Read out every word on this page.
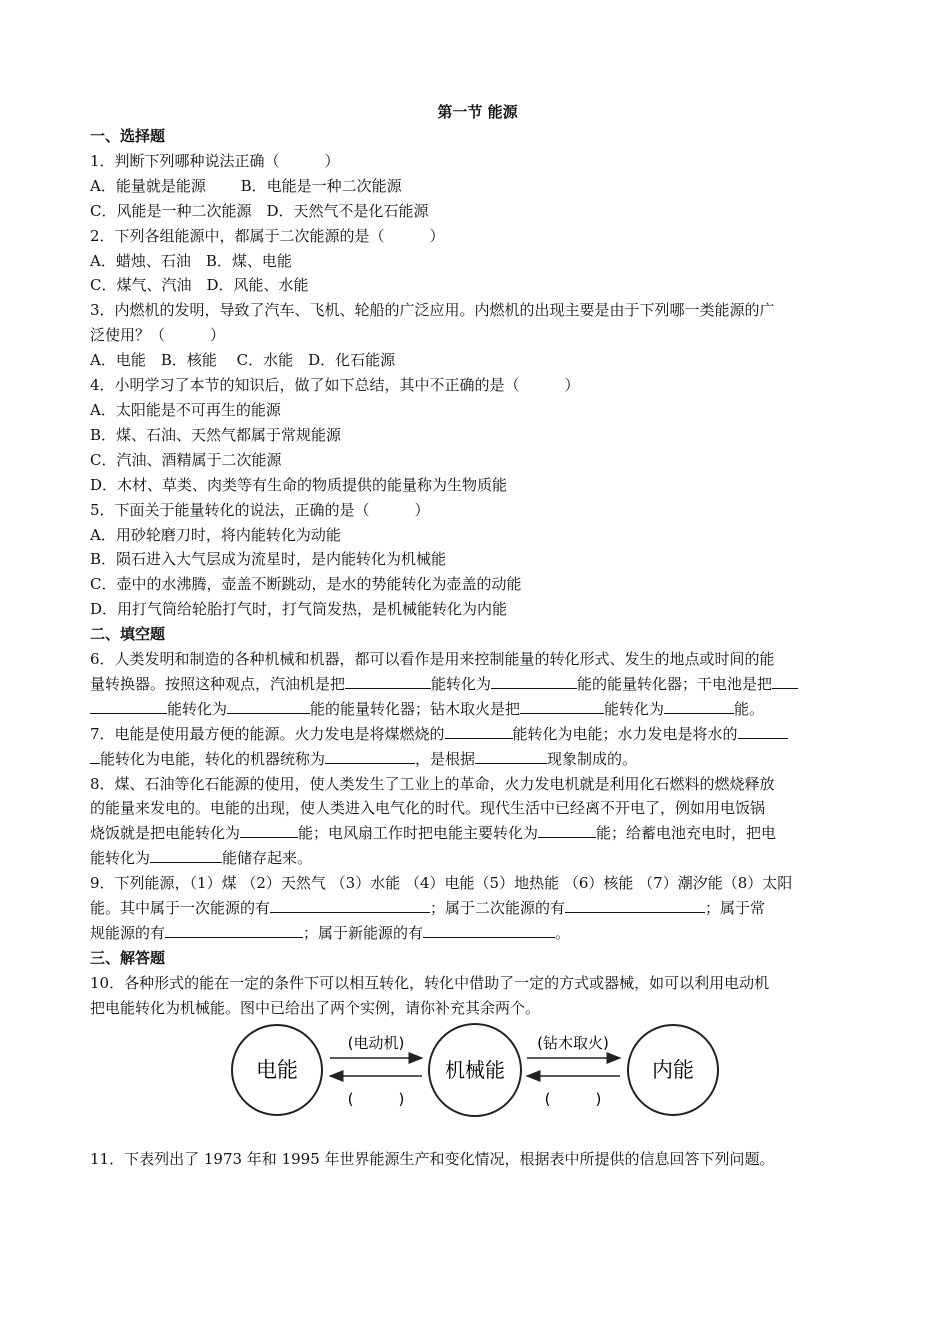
第一节 能源

一、选择题

1．判断下列哪种说法正确（　　　）

A．能量就是能源　　 B．电能是一种二次能源

C．风能是一种二次能源　D．天然气不是化石能源

2．下列各组能源中，都属于二次能源的是（　　　）

A．蜡烛、石油　B．煤、电能

C．煤气、汽油　D．风能、水能

3．内燃机的发明，导致了汽车、飞机、轮船的广泛应用。内燃机的出现主要是由于下列哪一类能源的广

泛使用？（　　　）

A．电能　B．核能　 C．水能　D．化石能源

4．小明学习了本节的知识后，做了如下总结，其中不正确的是（　　　）

A．太阳能是不可再生的能源

B．煤、石油、天然气都属于常规能源

C．汽油、酒精属于二次能源

D．木材、草类、肉类等有生命的物质提供的能量称为生物质能

5．下面关于能量转化的说法，正确的是（　　　）

A．用砂轮磨刀时，将内能转化为动能

B．陨石进入大气层成为流星时，是内能转化为机械能

C．壶中的水沸腾，壶盖不断跳动，是水的势能转化为壶盖的动能

D．用打气筒给轮胎打气时，打气筒发热，是机械能转化为内能

二、填空题

6．人类发明和制造的各种机械和机器，都可以看作是用来控制能量的转化形式、发生的地点或时间的能

量转换器。按照这种观点，汽油机是把	能转化为	能的能量转化器；干电池是把

能转化为	能的能量转化器；钻木取火是把	能转化为	能。

7．电能是使用最方便的能源。火力发电是将煤燃烧的	能转化为电能；水力发电是将水的

能转化为电能，转化的机器统称为	，是根据	现象制成的。

8．煤、石油等化石能源的使用，使人类发生了工业上的革命，火力发电机就是利用化石燃料的燃烧释放

的能量来发电的。电能的出现，使人类进入电气化的时代。现代生活中已经离不开电了，例如用电饭锅

烧饭就是把电能转化为	能；电风扇工作时把电能主要转化为	能；给蓄电池充电时，把电

能转化为	能储存起来。

9．下列能源，（1）煤 （2）天然气 （3）水能 （4）电能（5）地热能 （6）核能 （7）潮汐能（8）太阳

能。其中属于一次能源的有	；属于二次能源的有	；属于常

规能源的有	；属于新能源的有	。

三、解答题

10．各种形式的能在一定的条件下可以相互转化，转化中借助了一定的方式或器械，如可以利用电动机

把电能转化为机械能。图中已给出了两个实例，请你补充其余两个。

电能	机械能	内能
(电动机)	(钻木取火)
(　　　)	(　　　)

11．下表列出了 1973 年和 1995 年世界能源生产和变化情况，根据表中所提供的信息回答下列问题。
